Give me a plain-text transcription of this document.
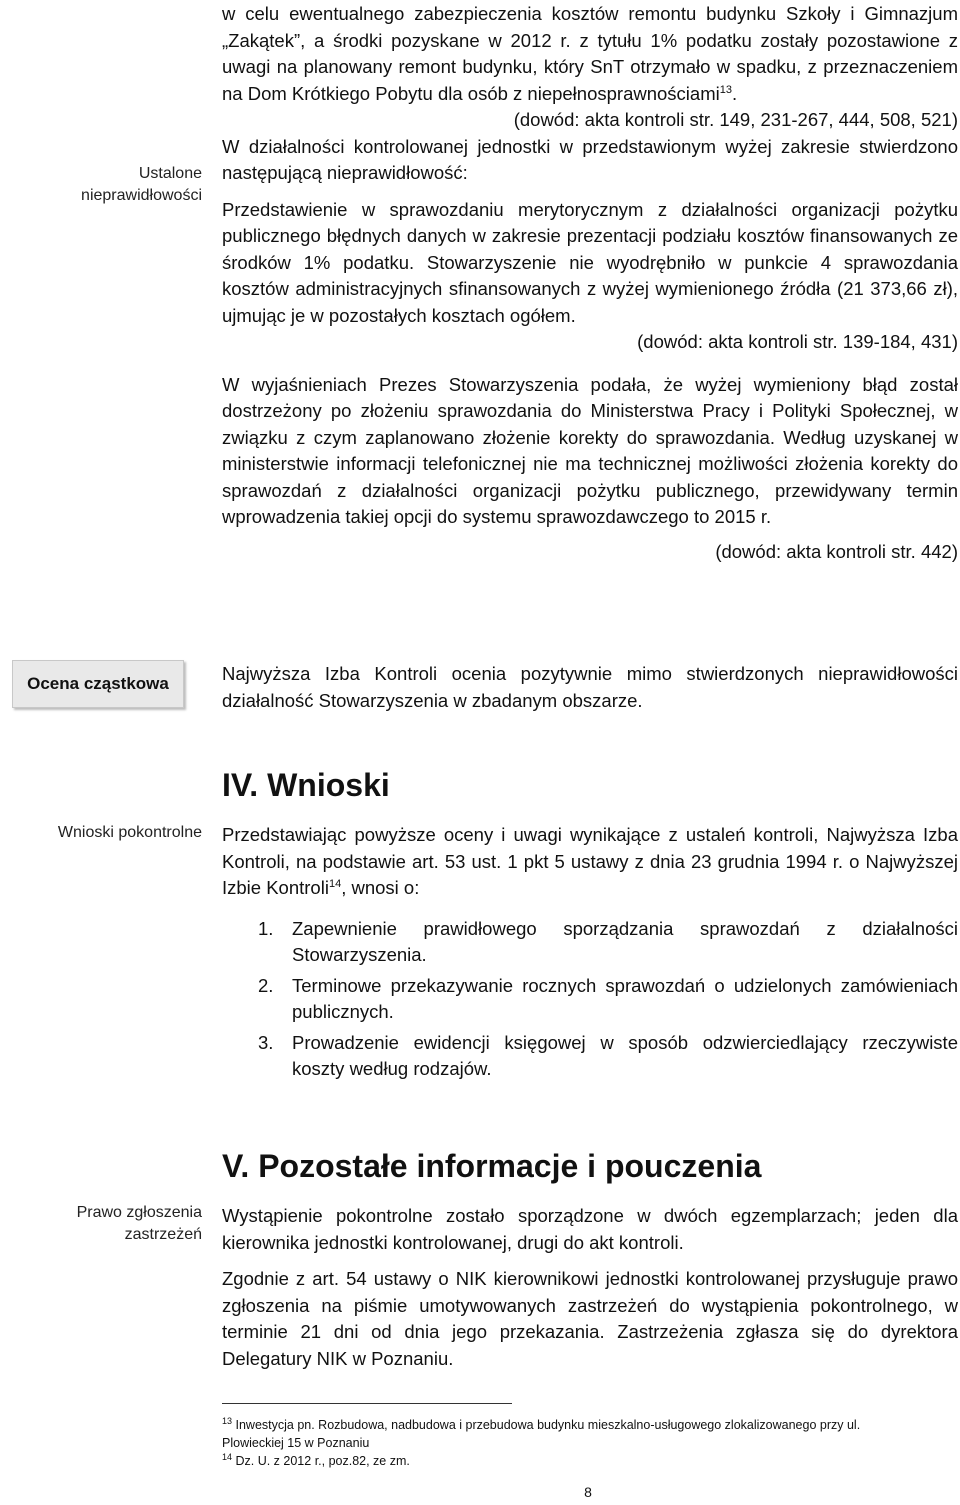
Ustalone
nieprawidłowości
Ocena cząstkowa
Wnioski pokontrolne
Prawo zgłoszenia
zastrzeżeń

w celu ewentualnego zabezpieczenia kosztów remontu budynku Szkoły i Gimnazjum „Zakątek”, a środki pozyskane w 2012 r. z tytułu 1% podatku zostały pozostawione z uwagi na planowany remont budynku, który SnT otrzymało w spadku, z przeznaczeniem na Dom Krótkiego Pobytu dla osób z niepełnosprawnościami$^{13}$.

(dowód: akta kontroli str. 149, 231-267, 444, 508, 521)

W działalności kontrolowanej jednostki w przedstawionym wyżej zakresie stwierdzono następującą nieprawidłowość:

Przedstawienie w sprawozdaniu merytorycznym z działalności organizacji pożytku publicznego błędnych danych w zakresie prezentacji podziału kosztów finansowanych ze środków 1% podatku. Stowarzyszenie nie wyodrębniło w punkcie 4 sprawozdania kosztów administracyjnych sfinansowanych z wyżej wymienionego źródła (21 373,66 zł), ujmując je w pozostałych kosztach ogółem.

(dowód: akta kontroli str. 139-184, 431)

W wyjaśnieniach Prezes Stowarzyszenia podała, że wyżej wymieniony błąd został dostrzeżony po złożeniu sprawozdania do Ministerstwa Pracy i Polityki Społecznej, w związku z czym zaplanowano złożenie korekty do sprawozdania. Według uzyskanej w ministerstwie informacji telefonicznej nie ma technicznej możliwości złożenia korekty do sprawozdań z działalności organizacji pożytku publicznego, przewidywany termin wprowadzenia takiej opcji do systemu sprawozdawczego to 2015 r.

(dowód: akta kontroli str. 442)

Najwyższa Izba Kontroli ocenia pozytywnie mimo stwierdzonych nieprawidłowości działalność Stowarzyszenia w zbadanym obszarze.

IV. Wnioski

Przedstawiając powyższe oceny i uwagi wynikające z ustaleń kontroli, Najwyższa Izba Kontroli, na podstawie art. 53 ust. 1 pkt 5 ustawy z dnia 23 grudnia 1994 r. o Najwyższej Izbie Kontroli$^{14}$, wnosi o:

1. Zapewnienie prawidłowego sporządzania sprawozdań z działalności Stowarzyszenia.
2. Terminowe przekazywanie rocznych sprawozdań o udzielonych zamówieniach publicznych.
3. Prowadzenie ewidencji księgowej w sposób odzwierciedlający rzeczywiste koszty według rodzajów.
V. Pozostałe informacje i pouczenia

Wystąpienie pokontrolne zostało sporządzone w dwóch egzemplarzach; jeden dla kierownika jednostki kontrolowanej, drugi do akt kontroli.

Zgodnie z art. 54 ustawy o NIK kierownikowi jednostki kontrolowanej przysługuje prawo zgłoszenia na piśmie umotywowanych zastrzeżeń do wystąpienia pokontrolnego, w terminie 21 dni od dnia jego przekazania. Zastrzeżenia zgłasza się do dyrektora Delegatury NIK w Poznaniu.

$^{13}$ Inwestycja pn. Rozbudowa, nadbudowa i przebudowa budynku mieszkalno-usługowego zlokalizowanego przy ul. Plowieckiej 15 w Poznaniu

$^{14}$ Dz. U. z 2012 r., poz.82, ze zm.

8
